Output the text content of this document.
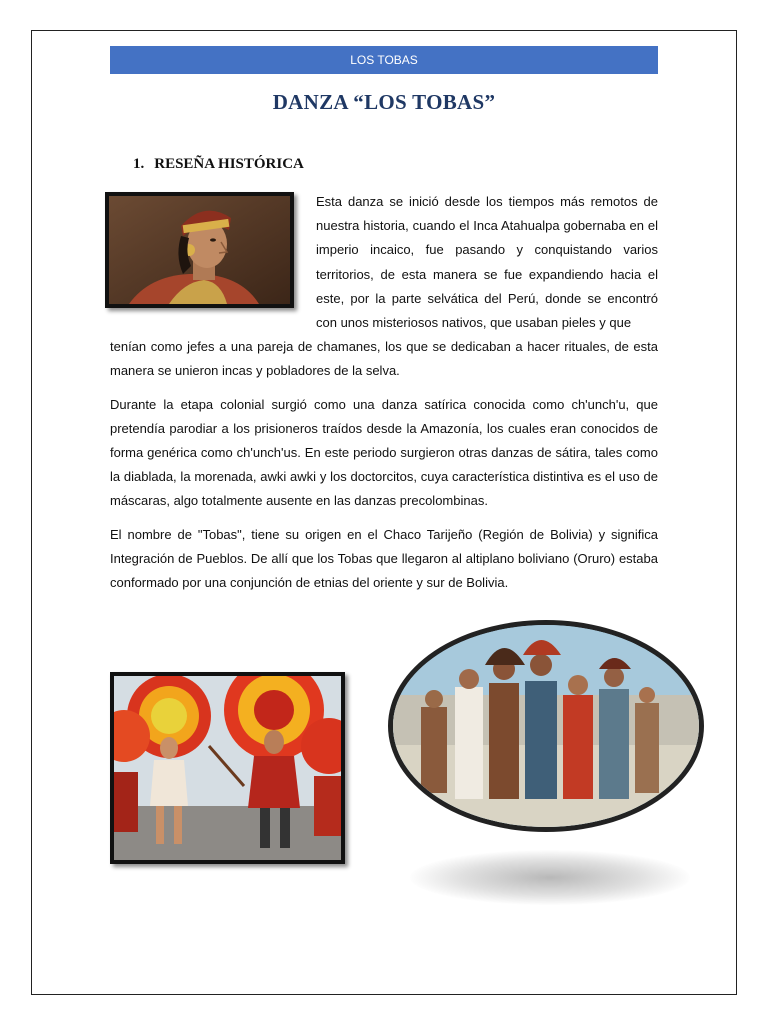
LOS TOBAS
DANZA “LOS TOBAS”
1. RESEÑA HISTÓRICA

Esta danza se inició desde los tiempos más remotos de nuestra historia, cuando el Inca Atahualpa gobernaba en el imperio incaico, fue pasando y conquistando varios territorios, de esta manera se fue expandiendo hacia el este, por la parte selvática del Perú, donde se encontró con unos misteriosos nativos, que usaban pieles y que

tenían como jefes a una pareja de chamanes, los que se dedicaban a hacer rituales, de esta manera se unieron incas y pobladores de la selva.

Durante la etapa colonial surgió como una danza satírica conocida como ch'unch'u, que pretendía parodiar a los prisioneros traídos desde la Amazonía, los cuales eran conocidos de forma genérica como ch'unch'us. En este periodo surgieron otras danzas de sátira, tales como la diablada, la morenada, awki awki y los doctorcitos, cuya característica distintiva es el uso de máscaras, algo totalmente ausente en las danzas precolombinas.

El nombre de "Tobas", tiene su origen en el Chaco Tarijeño (Región de Bolivia) y significa Integración de Pueblos. De allí que los Tobas que llegaron al altiplano boliviano (Oruro) estaba conformado por una conjunción de etnias del oriente y sur de Bolivia.
